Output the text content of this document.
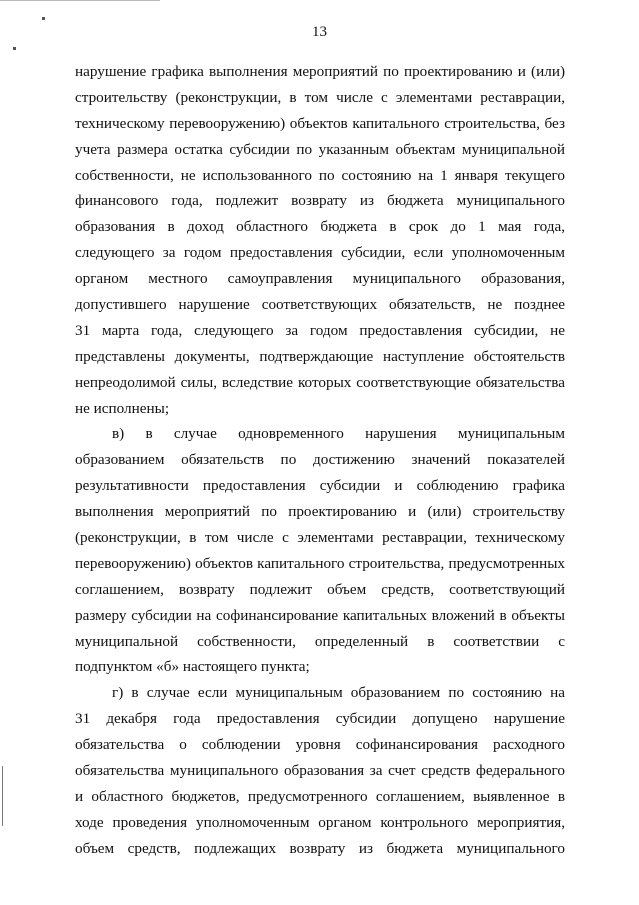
13
нарушение графика выполнения мероприятий по проектированию и (или)
строительству (реконструкции, в том числе с элементами реставрации,
техническому перевооружению) объектов капитального строительства, без
учета размера остатка субсидии по указанным объектам муниципальной
собственности, не использованного по состоянию на 1 января текущего
финансового года, подлежит возврату из бюджета муниципального
образования в доход областного бюджета в срок до 1 мая года,
следующего за годом предоставления субсидии, если уполномоченным
органом местного самоуправления муниципального образования,
допустившего нарушение соответствующих обязательств, не позднее
31 марта года, следующего за годом предоставления субсидии, не
представлены документы, подтверждающие наступление обстоятельств
непреодолимой силы, вследствие которых соответствующие обязательства
не исполнены;
в) в случае одновременного нарушения муниципальным
образованием обязательств по достижению значений показателей
результативности предоставления субсидии и соблюдению графика
выполнения мероприятий по проектированию и (или) строительству
(реконструкции, в том числе с элементами реставрации, техническому
перевооружению) объектов капитального строительства, предусмотренных
соглашением, возврату подлежит объем средств, соответствующий
размеру субсидии на софинансирование капитальных вложений в объекты
муниципальной собственности, определенный в соответствии с
подпунктом «б» настоящего пункта;
г) в случае если муниципальным образованием по состоянию на
31 декабря года предоставления субсидии допущено нарушение
обязательства о соблюдении уровня софинансирования расходного
обязательства муниципального образования за счет средств федерального
и областного бюджетов, предусмотренного соглашением, выявленное в
ходе проведения уполномоченным органом контрольного мероприятия,
объем средств, подлежащих возврату из бюджета муниципального
